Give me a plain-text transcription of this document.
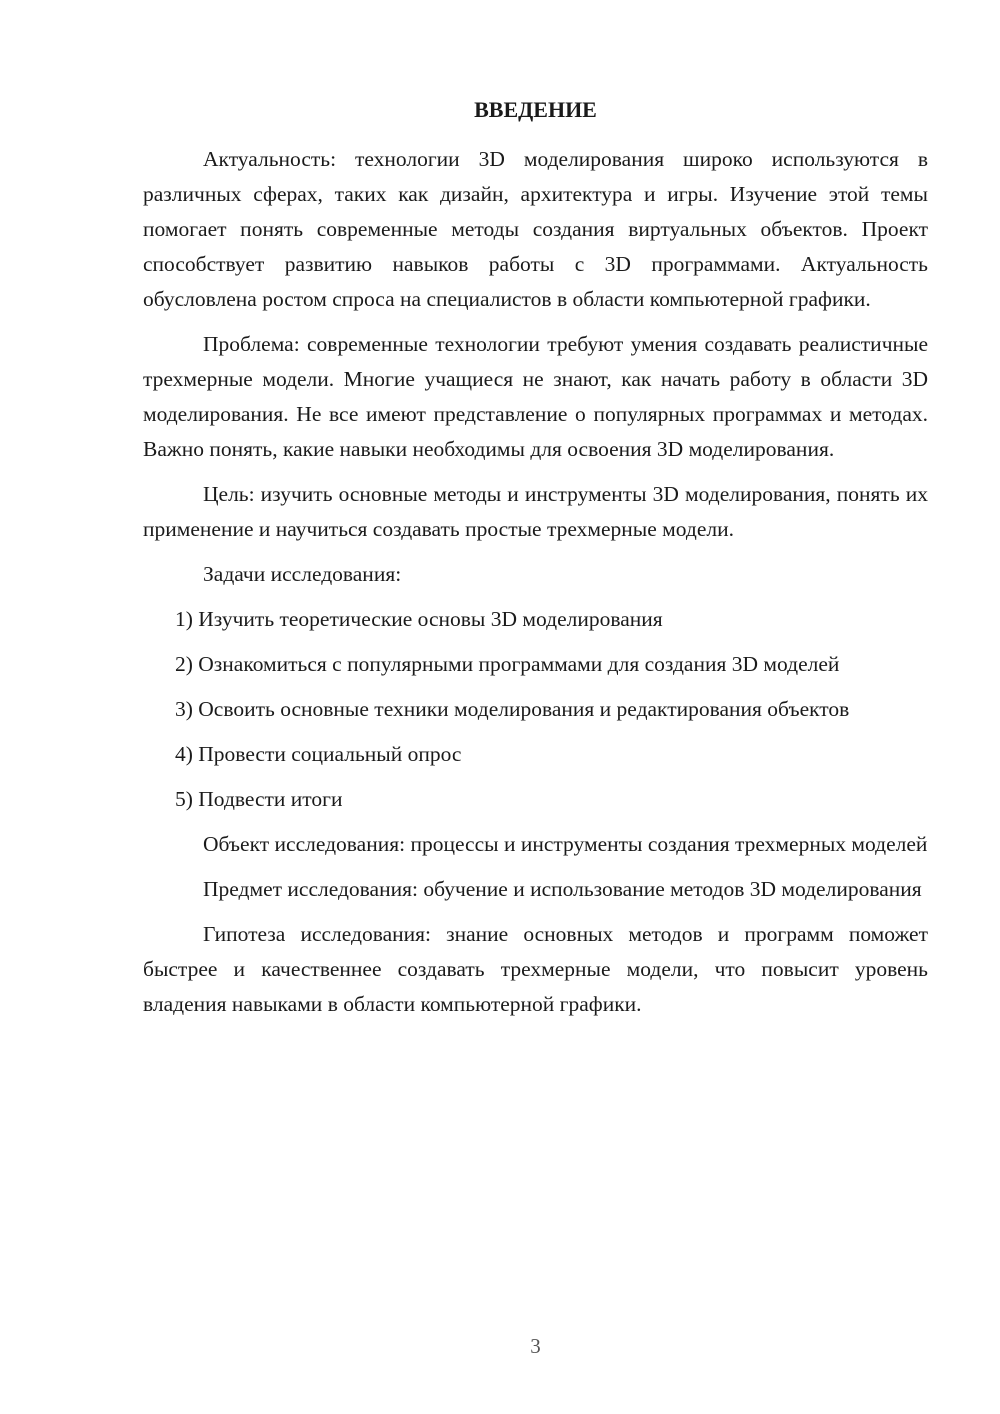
ВВЕДЕНИЕ

Актуальность: технологии 3D моделирования широко используются в различных сферах, таких как дизайн, архитектура и игры. Изучение этой темы помогает понять современные методы создания виртуальных объектов. Проект способствует развитию навыков работы с 3D программами. Актуальность обусловлена ростом спроса на специалистов в области компьютерной графики.

Проблема: современные технологии требуют умения создавать реалистичные трехмерные модели. Многие учащиеся не знают, как начать работу в области 3D моделирования. Не все имеют представление о популярных программах и методах. Важно понять, какие навыки необходимы для освоения 3D моделирования.

Цель: изучить основные методы и инструменты 3D моделирования, понять их применение и научиться создавать простые трехмерные модели.

Задачи исследования:

1) Изучить теоретические основы 3D моделирования

2) Ознакомиться с популярными программами для создания 3D моделей

3) Освоить основные техники моделирования и редактирования объектов

4) Провести социальный опрос

5) Подвести итоги

Объект исследования: процессы и инструменты создания трехмерных моделей

Предмет исследования: обучение и использование методов 3D моделирования

Гипотеза исследования: знание основных методов и программ поможет быстрее и качественнее создавать трехмерные модели, что повысит уровень владения навыками в области компьютерной графики.

3
